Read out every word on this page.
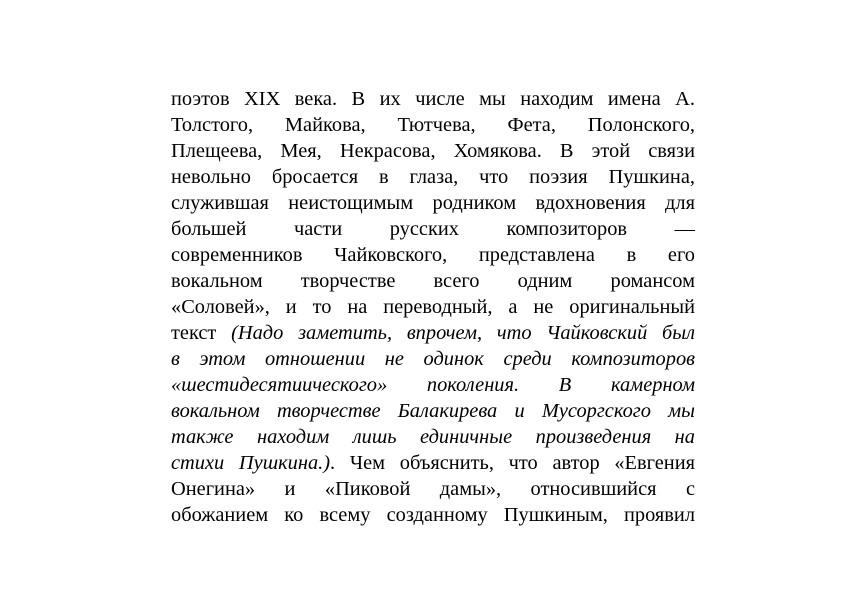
поэтов XIX века. В их числе мы находим имена А.
Толстого, Майкова, Тютчева, Фета, Полонского,
Плещеева, Мея, Некрасова, Хомякова. В этой связи
невольно бросается в глаза, что поэзия Пушкина,
служившая неистощимым родником вдохновения для
большей части русских композиторов —
современников Чайковского, представлена в его
вокальном творчестве всего одним романсом
«Соловей», и то на переводный, а не оригинальный
текст (Надо заметить, впрочем, что Чайковский был
в этом отношении не одинок среди композиторов
«шестидесятиического» поколения. В камерном
вокальном творчестве Балакирева и Мусоргского мы
также находим лишь единичные произведения на
стихи Пушкина.). Чем объяснить, что автор «Евгения
Онегина» и «Пиковой дамы», относившийся с
обожанием ко всему созданному Пушкиным, проявил
